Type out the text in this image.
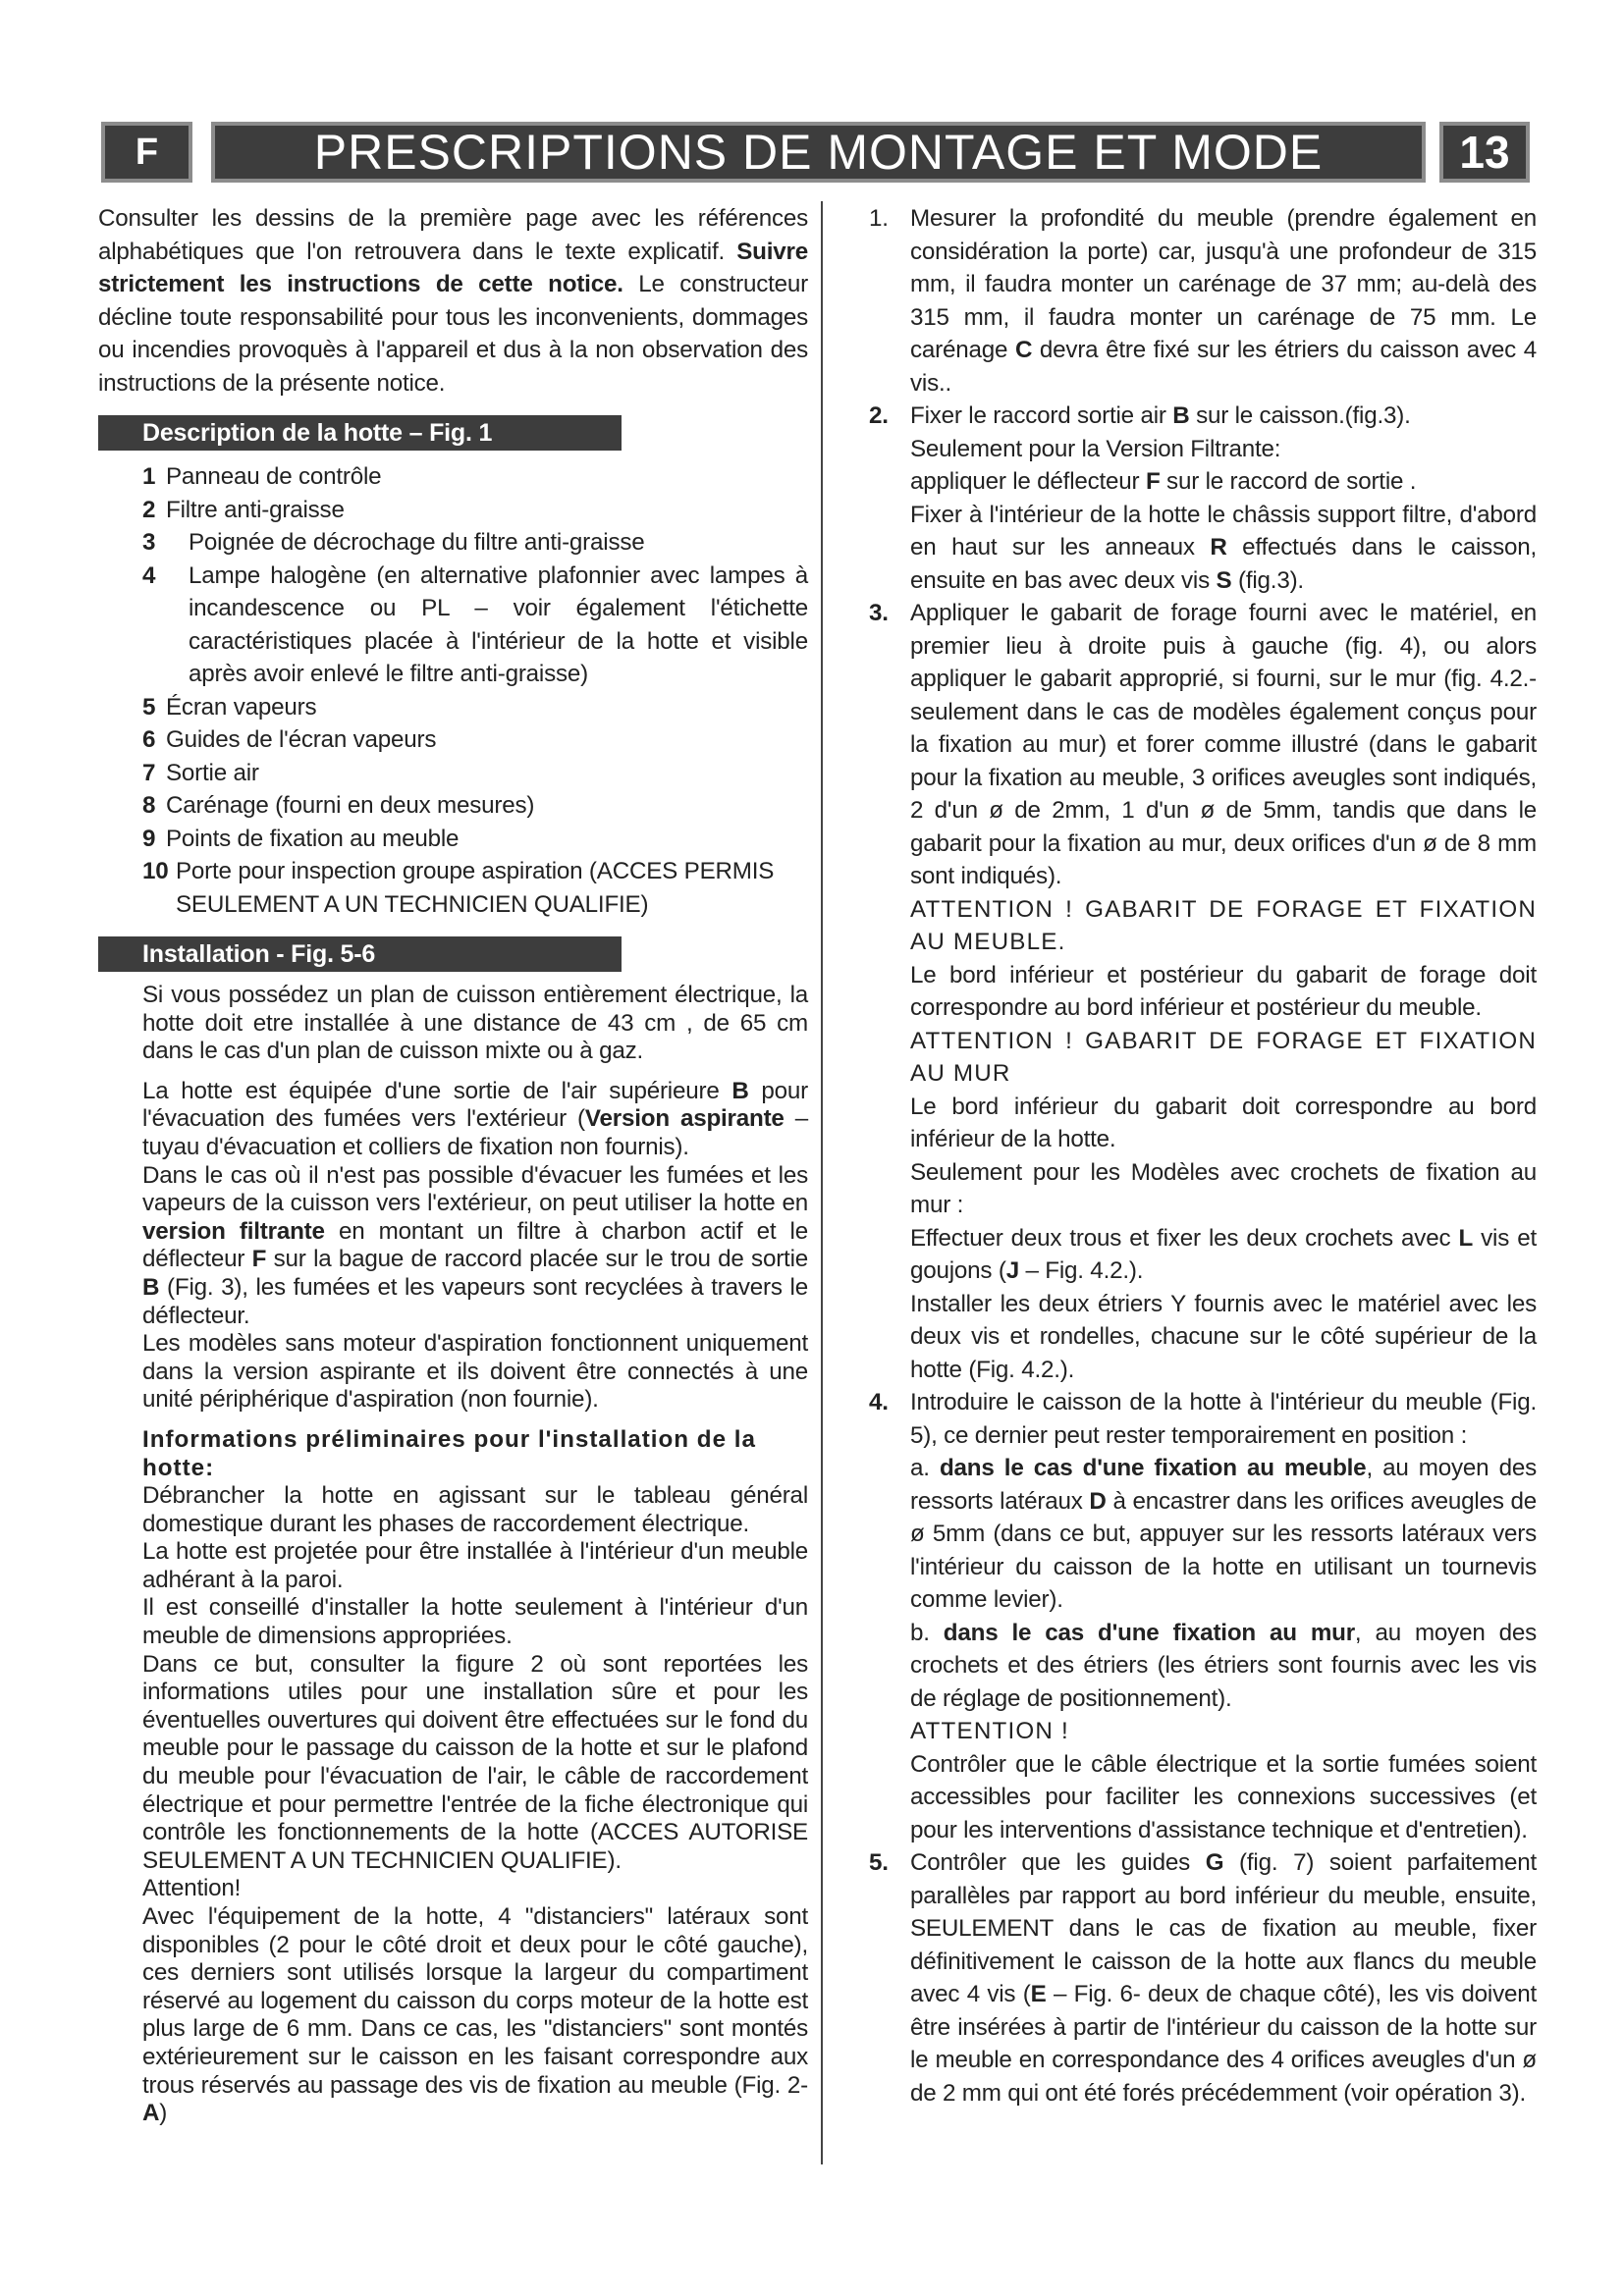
F	PRESCRIPTIONS DE MONTAGE ET MODE	13

Consulter les dessins de la première page avec les références alphabétiques que l'on retrouvera dans le texte explicatif. Suivre strictement les instructions de cette notice. Le constructeur décline toute responsabilité pour tous les inconvenients, dommages ou incendies provoquès à l'appareil et dus à la non observation des instructions de la présente notice.

Description de la hotte – Fig. 1
1 Panneau de contrôle
2 Filtre anti-graisse
3	Poignée de décrochage du filtre anti-graisse
4	Lampe halogène (en alternative plafonnier avec lampes à incandescence ou PL – voir également l'étichette caractéristiques placée à l'intérieur de la hotte et visible après avoir enlevé le filtre anti-graisse)
5 Écran vapeurs
6 Guides de l'écran vapeurs
7 Sortie air
8 Carénage (fourni en deux mesures)
9 Points de fixation au meuble
10 Porte pour inspection groupe aspiration (ACCES PERMIS SEULEMENT A UN TECHNICIEN QUALIFIE)
Installation - Fig. 5-6

Si vous possédez un plan de cuisson entièrement électrique, la hotte doit etre installée à une distance de 43 cm , de 65 cm dans le cas d'un plan de cuisson mixte ou à gaz.

La hotte est équipée d'une sortie de l'air supérieure B pour l'évacuation des fumées vers l'extérieur (Version aspirante – tuyau d'évacuation et colliers de fixation non fournis).

Dans le cas où il n'est pas possible d'évacuer les fumées et les vapeurs de la cuisson vers l'extérieur, on peut utiliser la hotte en version filtrante en montant un filtre à charbon actif et le déflecteur F sur la bague de raccord placée sur le trou de sortie B (Fig. 3), les fumées et les vapeurs sont recyclées à travers le déflecteur.

Les modèles sans moteur d'aspiration fonctionnent uniquement dans la version aspirante et ils doivent être connectés à une unité périphérique d'aspiration (non fournie).

Informations préliminaires pour l'installation de la hotte:

Débrancher la hotte en agissant sur le tableau général domestique durant les phases de raccordement électrique.

La hotte est projetée pour être installée à l'intérieur d'un meuble adhérant à la paroi.

Il est conseillé d'installer la hotte seulement à l'intérieur d'un meuble de dimensions appropriées.

Dans ce but, consulter la figure 2 où sont reportées les informations utiles pour une installation sûre et pour les éventuelles ouvertures qui doivent être effectuées sur le fond du meuble pour le passage du caisson de la hotte et sur le plafond du meuble pour l'évacuation de l'air, le câble de raccordement électrique et pour permettre l'entrée de la fiche électronique qui contrôle les fonctionnements de la hotte (ACCES AUTORISE SEULEMENT A UN TECHNICIEN QUALIFIE).

Attention!

Avec l'équipement de la hotte, 4 "distanciers" latéraux sont disponibles (2 pour le côté droit et deux pour le côté gauche), ces derniers sont utilisés lorsque la largeur du compartiment réservé au logement du caisson du corps moteur de la hotte est plus large de 6 mm. Dans ce cas, les "distanciers" sont montés extérieurement sur le caisson en les faisant correspondre aux trous réservés au passage des vis de fixation au meuble (Fig. 2-A)

1. Mesurer la profondité du meuble (prendre également en considération la porte) car, jusqu'à une profondeur de 315 mm, il faudra monter un carénage de 37 mm; au-delà des 315 mm, il faudra monter un carénage de 75 mm. Le carénage C devra être fixé sur les étriers du caisson avec 4 vis..
2. Fixer le raccord sortie air B sur le caisson.(fig.3).

Seulement pour la Version Filtrante:

appliquer le déflecteur F sur le raccord de sortie .

Fixer à l'intérieur de la hotte le châssis support filtre, d'abord en haut sur les anneaux R effectués dans le caisson, ensuite en bas avec deux vis S (fig.3).

3. Appliquer le gabarit de forage fourni avec le matériel, en premier lieu à droite puis à gauche (fig. 4), ou alors appliquer le gabarit approprié, si fourni, sur le mur (fig. 4.2.- seulement dans le cas de modèles également conçus pour la fixation au mur) et forer comme illustré (dans le gabarit pour la fixation au meuble, 3 orifices aveugles sont indiqués, 2 d'un ø de 2mm, 1 d'un ø de 5mm, tandis que dans le gabarit pour la fixation au mur, deux orifices d'un ø de 8 mm sont indiqués).

ATTENTION ! GABARIT DE FORAGE ET FIXATION AU MEUBLE.

Le bord inférieur et postérieur du gabarit de forage doit correspondre au bord inférieur et postérieur du meuble.

ATTENTION ! GABARIT DE FORAGE ET FIXATION AU MUR

Le bord inférieur du gabarit doit correspondre au bord inférieur de la hotte.

Seulement pour les Modèles avec crochets de fixation au mur :

Effectuer deux trous et fixer les deux crochets avec L vis et goujons (J – Fig. 4.2.).

Installer les deux étriers Y fournis avec le matériel avec les deux vis et rondelles, chacune sur le côté supérieur de la hotte (Fig. 4.2.).

4. Introduire le caisson de la hotte à l'intérieur du meuble (Fig. 5), ce dernier peut rester temporairement en position :

a. dans le cas d'une fixation au meuble, au moyen des ressorts latéraux D à encastrer dans les orifices aveugles de ø 5mm (dans ce but, appuyer sur les ressorts latéraux vers l'intérieur du caisson de la hotte en utilisant un tournevis comme levier).

b. dans le cas d'une fixation au mur, au moyen des crochets et des étriers (les étriers sont fournis avec les vis de réglage de positionnement).

ATTENTION !

Contrôler que le câble électrique et la sortie fumées soient accessibles pour faciliter les connexions successives (et pour les interventions d'assistance technique et d'entretien).

5. Contrôler que les guides G (fig. 7) soient parfaitement parallèles par rapport au bord inférieur du meuble, ensuite, SEULEMENT dans le cas de fixation au meuble, fixer définitivement le caisson de la hotte aux flancs du meuble avec 4 vis (E – Fig. 6- deux de chaque côté), les vis doivent être insérées à partir de l'intérieur du caisson de la hotte sur le meuble en correspondance des 4 orifices aveugles d'un ø de 2 mm qui ont été forés précédemment (voir opération 3).
